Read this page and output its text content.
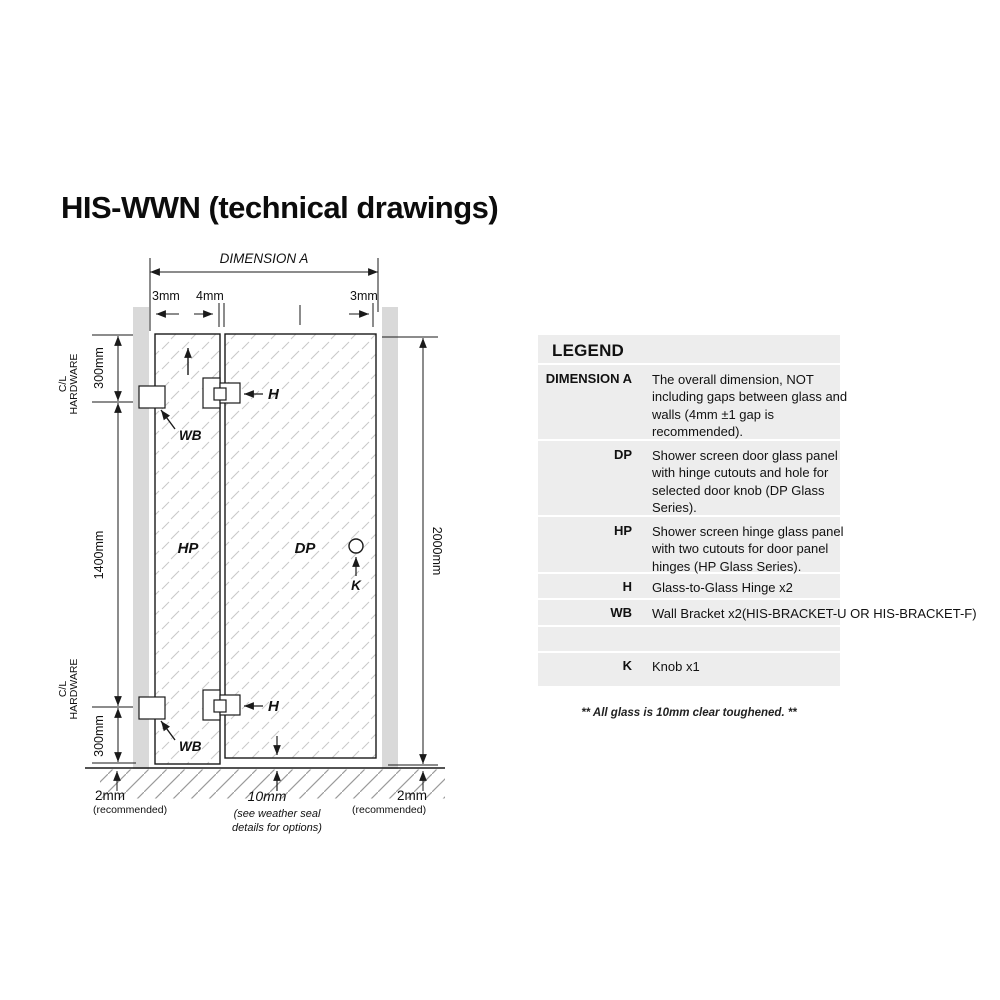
HIS-WWN (technical drawings)
DIMENSION A
3mm 4mm	3mm
300mm
C/L HARDWARE
1400mm
C/L HARDWARE
300mm
2000mm
H
H
WB
WB
HP	DP
K
2mm
(recommended)
10mm
(see weather seal
details for options)
2mm
(recommended)
LEGEND
DIMENSION A The overall dimension, NOT including gaps between glass and walls (4mm ±1 gap is recommended).
DP Shower screen door glass panel with hinge cutouts and hole for selected door knob (DP Glass Series).
HP Shower screen hinge glass panel with two cutouts for door panel hinges (HP Glass Series).
H Glass-to-Glass Hinge x2
WB Wall Bracket x2(HIS-BRACKET-U OR HIS-BRACKET-F)
K Knob x1
** All glass is 10mm clear toughened. **
